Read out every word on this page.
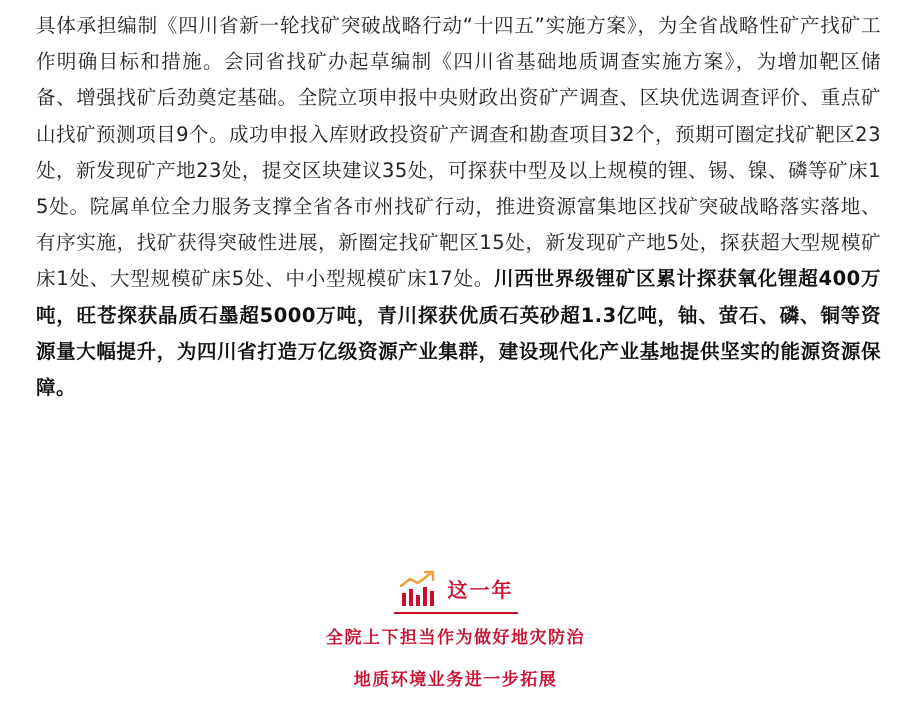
具体承担编制《四川省新一轮找矿突破战略行动“十四五”实施方案》，为全省战略性矿产找矿工作明确目标和措施。会同省找矿办起草编制《四川省基础地质调查实施方案》，为增加靶区储备、增强找矿后劲奠定基础。全院立项申报中央财政出资矿产调查、区块优选调查评价、重点矿山找矿预测项目9个。成功申报入库财政投资矿产调查和勘查项目32个，预期可圈定找矿靶区23处，新发现矿产地23处，提交区块建议35处，可探获中型及以上规模的锂、锡、镍、磷等矿床15处。院属单位全力服务支撑全省各市州找矿行动，推进资源富集地区找矿突破战略落实落地、有序实施，找矿获得突破性进展，新圈定找矿靶区15处，新发现矿产地5处，探获超大型规模矿床1处、大型规模矿床5处、中小型规模矿床17处。川西世界级锂矿区累计探获氧化锂超400万吨，旺苍探获晶质石墨超5000万吨，青川探获优质石英砂超1.3亿吨，铀、萤石、磷、铜等资源量大幅提升，为四川省打造万亿级资源产业集群，建设现代化产业基地提供坚实的能源资源保障。
这一年
全院上下担当作为做好地灾防治
地质环境业务进一步拓展
